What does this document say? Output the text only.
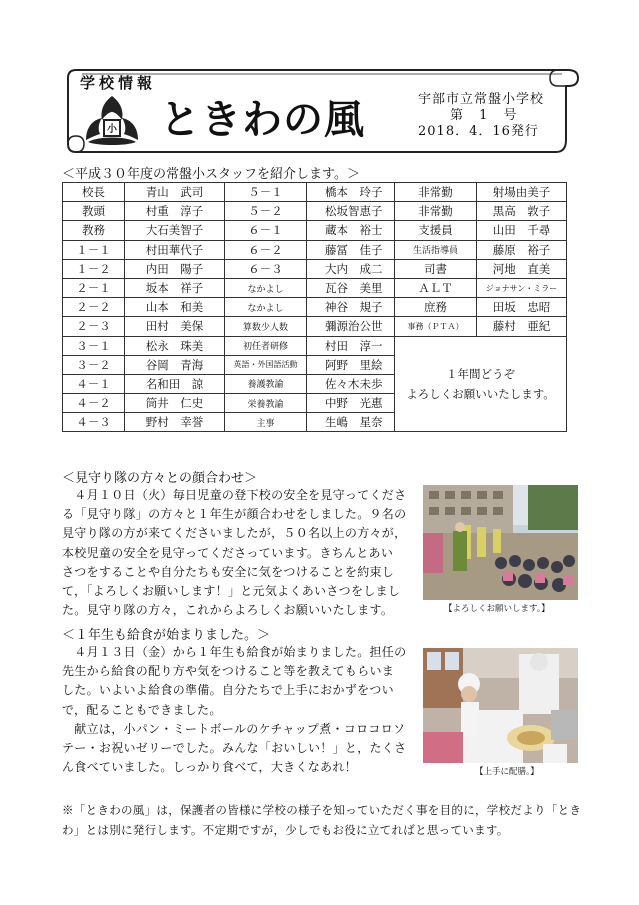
学校情報
小 ときわの風	宇部市立常盤小学校
第 1 号
2018．4．16発行
＜平成３０年度の常盤小スタッフを紹介します。＞
校長	青山　武司	５－１	橋本　玲子	非常勤	射場由美子
教頭	村重　淳子	５－２	松坂智恵子	非常勤	黒高　敦子
教務	大石美智子	６－１	蔵本　裕士	支援員	山田　千尋
１－１	村田華代子	６－２	藤冨　佳子	生活指導員	藤原　裕子
１－２	内田　陽子	６－３	大内　成二	司書	河地　直美
２－１	坂本　祥子	なかよし	瓦谷　美里	ＡＬＴ	ジョナサン・ミラー
２－２	山本　和美	なかよし	神谷　規子	庶務	田坂　忠昭
２－３	田村　美保	算数少人数	彌源治公世	事務（ＰＴＡ）	藤村　亜紀
３－１	松永　珠美	初任者研修	村田　淳一	１年間どうぞ
よろしくお願いいたします。	

３－２	谷岡　青海	英語・外国語活動	阿野　里絵		
４－１	名和田　諒	養護教諭	佐々木未歩		
４－２	筒井　仁史	栄養教諭	中野　光惠		
４－３	野村　幸誉	主事	生嶋　星奈		
＜見守り隊の方々との顔合わせ＞
　４月１０日（火）毎日児童の登下校の安全を見守ってくださ
る「見守り隊」の方々と１年生が顔合わせをしました。９名の
見守り隊の方が来てくださいましたが，５０名以上の方々が，
本校児童の安全を見守ってくださっています。きちんとあい
さつをすることや自分たちも安全に気をつけることを約束し
て，「よろしくお願いします！」と元気よくあいさつをしまし
た。見守り隊の方々，これからよろしくお願いいたします。	【よろしくお願いします。】
＜１年生も給食が始まりました。＞
　４月１３日（金）から１年生も給食が始まりました。担任の
先生から給食の配り方や気をつけること等を教えてもらいま
した。いよいよ給食の準備。自分たちで上手におかずをつい
で，配ることもできました。
　献立は，小パン・ミートボールのケチャップ煮・コロコロソ
テー・お祝いゼリーでした。みんな「おいしい！」と，たくさ
ん食べていました。しっかり食べて，大きくなあれ！	【上手に配膳。】
※「ときわの風」は，保護者の皆様に学校の様子を知っていただく事を目的に，学校だより「とき
わ」とは別に発行します。不定期ですが，少しでもお役に立てればと思っています。
